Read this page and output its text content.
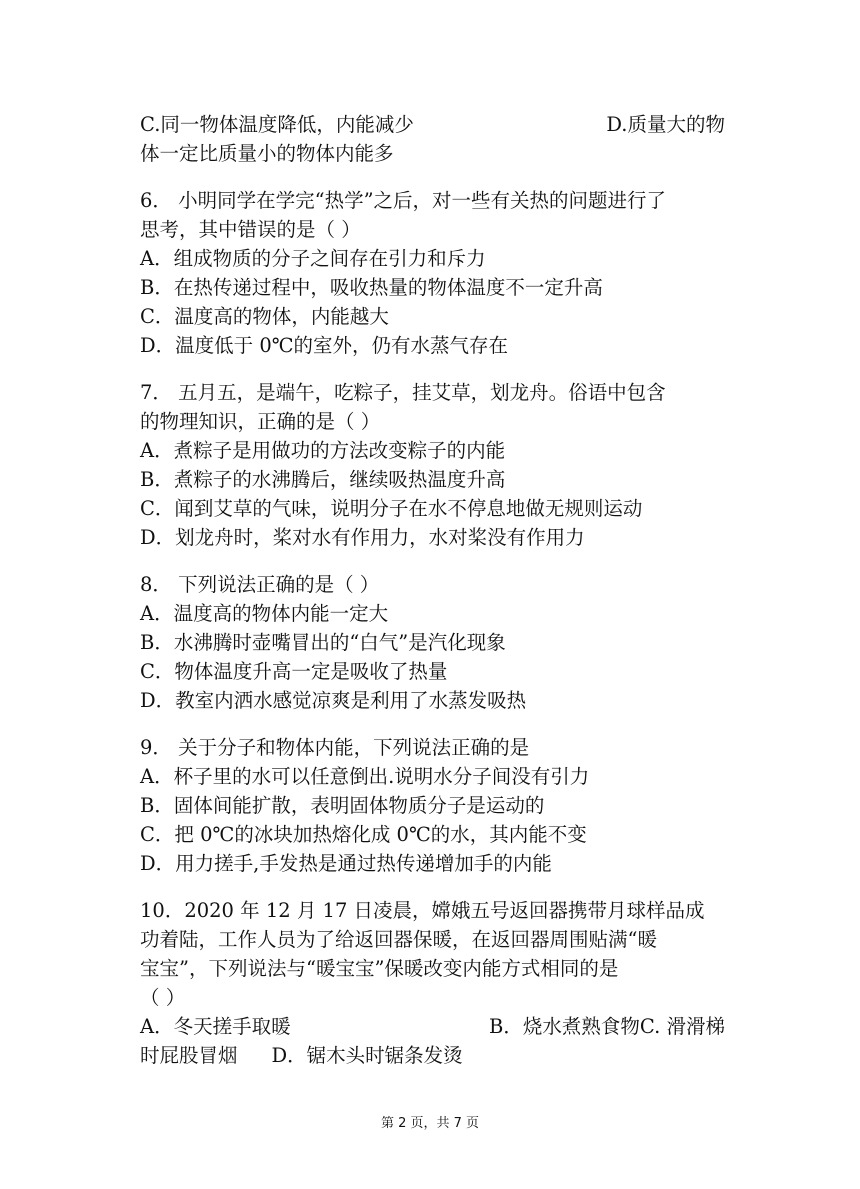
C.同一物体温度降低，内能减少	D.质量大的物
体一定比质量小的物体内能多
6． 小明同学在学完“热学”之后，对一些有关热的问题进行了
思考，其中错误的是（ ）
A．组成物质的分子之间存在引力和斥力
B．在热传递过程中，吸收热量的物体温度不一定升高
C．温度高的物体，内能越大
D．温度低于 0℃的室外，仍有水蒸气存在
7． 五月五，是端午，吃粽子，挂艾草，划龙舟。俗语中包含
的物理知识，正确的是（ ）
A．煮粽子是用做功的方法改变粽子的内能
B．煮粽子的水沸腾后，继续吸热温度升高
C．闻到艾草的气味，说明分子在水不停息地做无规则运动
D．划龙舟时，桨对水有作用力，水对桨没有作用力
8． 下列说法正确的是（ ）
A．温度高的物体内能一定大
B．水沸腾时壶嘴冒出的“白气”是汽化现象
C．物体温度升高一定是吸收了热量
D．教室内洒水感觉凉爽是利用了水蒸发吸热
9． 关于分子和物体内能，下列说法正确的是
A．杯子里的水可以任意倒出.说明水分子间没有引力
B．固体间能扩散，表明固体物质分子是运动的
C．把 0℃的冰块加热熔化成 0℃的水，其内能不变
D．用力搓手,手发热是通过热传递增加手的内能
10．2020 年 12 月 17 日凌晨，嫦娥五号返回器携带月球样品成
功着陆，工作人员为了给返回器保暖，在返回器周围贴满“暖
宝宝”，下列说法与“暖宝宝”保暖改变内能方式相同的是
（ ）
A．冬天搓手取暖	B．烧水煮熟食物C. 滑滑梯
时屁股冒烟 D．锯木头时锯条发烫
第 2 页，共 7 页
